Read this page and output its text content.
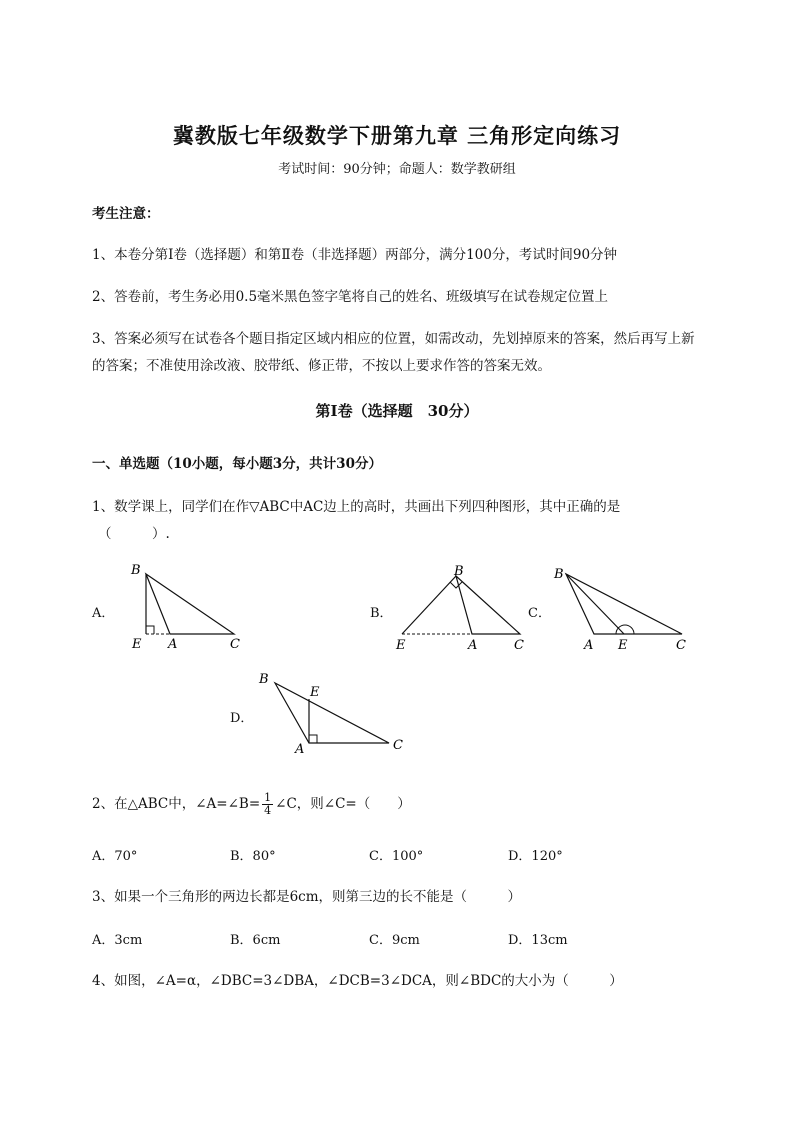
冀教版七年级数学下册第九章 三角形定向练习
考试时间：90分钟；命题人：数学教研组
考生注意：
1、本卷分第I卷（选择题）和第Ⅱ卷（非选择题）两部分，满分100分，考试时间90分钟
2、答卷前，考生务必用0.5毫米黑色签字笔将自己的姓名、班级填写在试卷规定位置上
3、答案必须写在试卷各个题目指定区域内相应的位置，如需改动，先划掉原来的答案，然后再写上新
的答案；不准使用涂改液、胶带纸、修正带，不按以上要求作答的答案无效。
第I卷（选择题　30分）
一、单选题（10小题，每小题3分，共计30分）
1、数学课上，同学们在作▽ABC中AC边上的高时，共画出下列四种图形，其中正确的是
（　　　）.
A．
B
E A	C
B．
B
E	A	C
C．
B
A E	C
D．
B
E
A	C
2、在△ABC中，∠A=∠B= $\frac{1}{4}$ ∠C，则∠C=（　　）
A．70°	B．80°	C．100°	D．120°
3、如果一个三角形的两边长都是6cm，则第三边的长不能是（　　　）
A．3cm	B．6cm	C．9cm	D．13cm
4、如图，∠A=α，∠DBC=3∠DBA，∠DCB=3∠DCA，则∠BDC的大小为（　　　）
